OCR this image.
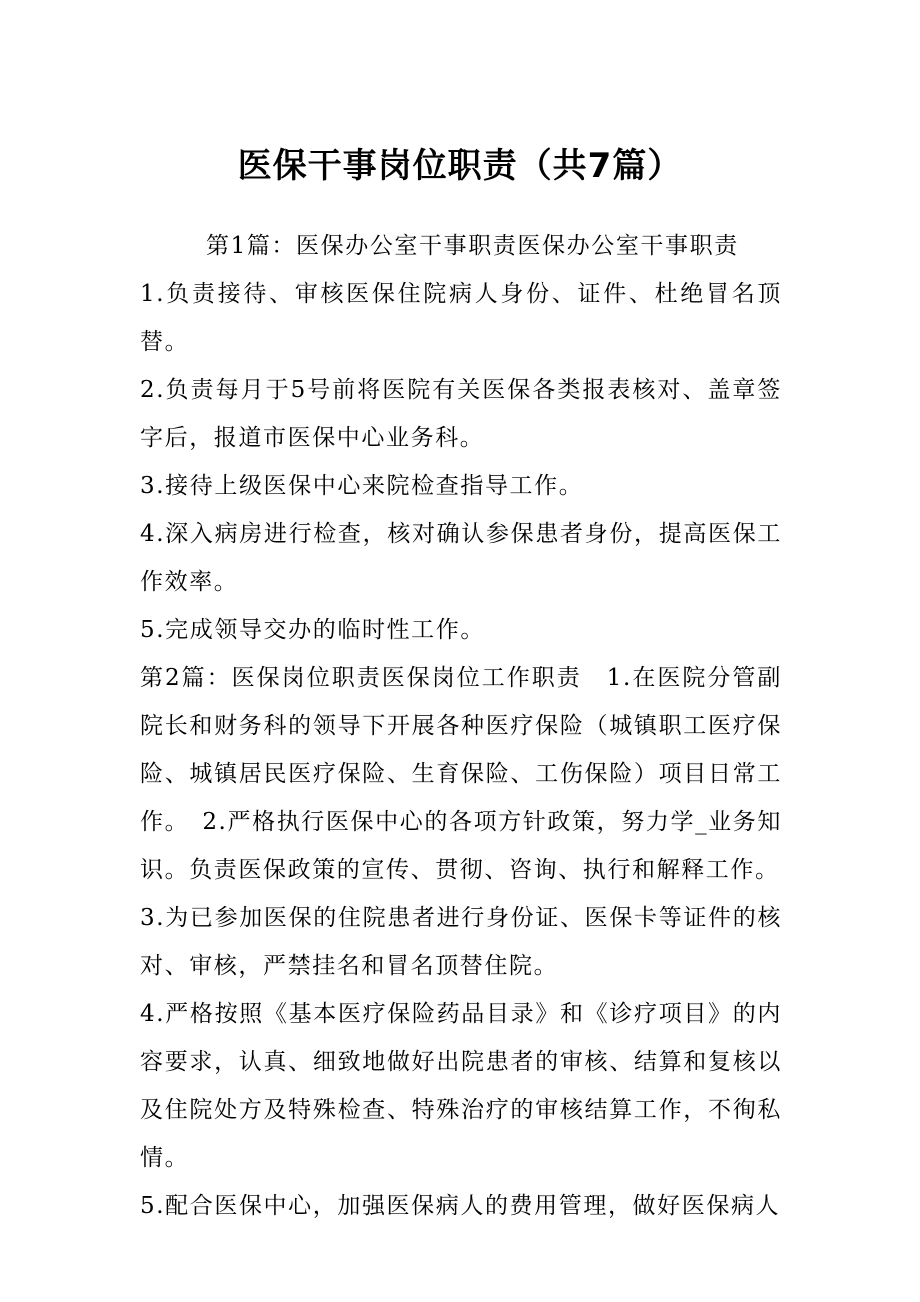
医保干事岗位职责（共7篇）

第1篇：医保办公室干事职责医保办公室干事职责

1.负责接待、审核医保住院病人身份、证件、杜绝冒名顶替。

2.负责每月于5号前将医院有关医保各类报表核对、盖章签字后，报道市医保中心业务科。

3.接待上级医保中心来院检查指导工作。

4.深入病房进行检查，核对确认参保患者身份，提高医保工作效率。

5.完成领导交办的临时性工作。

第2篇：医保岗位职责医保岗位工作职责　1.在医院分管副院长和财务科的领导下开展各种医疗保险（城镇职工医疗保险、城镇居民医疗保险、生育保险、工伤保险）项目日常工作。　2.严格执行医保中心的各项方针政策，努力学_业务知识。负责医保政策的宣传、贯彻、咨询、执行和解释工作。

3.为已参加医保的住院患者进行身份证、医保卡等证件的核对、审核，严禁挂名和冒名顶替住院。

4.严格按照《基本医疗保险药品目录》和《诊疗项目》的内容要求，认真、细致地做好出院患者的审核、结算和复核以及住院处方及特殊检查、特殊治疗的审核结算工作，不徇私情。

5.配合医保中心，加强医保病人的费用管理，做好医保病人
